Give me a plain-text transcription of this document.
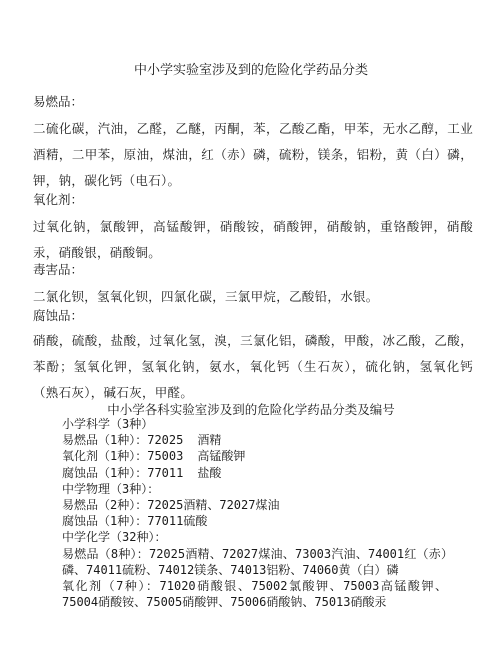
中小学实验室涉及到的危险化学药品分类
易燃品：
二硫化碳，汽油，乙醛，乙醚，丙酮，苯，乙酸乙酯，甲苯，无水乙醇，工业酒精，二甲苯，原油，煤油，红（赤）磷，硫粉，镁条，铝粉，黄（白）磷，钾，钠，碳化钙（电石）。
氧化剂：
过氧化钠，氯酸钾，高锰酸钾，硝酸铵，硝酸钾，硝酸钠，重铬酸钾，硝酸汞，硝酸银，硝酸铜。
毒害品：
二氯化钡，氢氧化钡，四氯化碳，三氯甲烷，乙酸铅，水银。
腐蚀品：
硝酸，硫酸，盐酸，过氧化氢，溴，三氯化铝，磷酸，甲酸，冰乙酸，乙酸，苯酚；氢氧化钾，氢氧化钠，氨水，氧化钙（生石灰），硫化钠，氢氧化钙（熟石灰），碱石灰，甲醛。
中小学各科实验室涉及到的危险化学药品分类及编号
小学科学（3种）
易燃品（1种）：72025 酒精
氧化剂（1种）：75003 高锰酸钾
腐蚀品（1种）：77011 盐酸
中学物理（3种）：
易燃品（2种）：72025酒精、72027煤油
腐蚀品（1种）：77011硫酸
中学化学（32种）：
易燃品（8种）：72025酒精、72027煤油、73003汽油、74001红（赤）磷、74011硫粉、74012镁条、74013铝粉、74060黄（白）磷
氧化剂（7种）：71020硝酸银、75002氯酸钾、75003高锰酸钾、75004硝酸铵、75005硝酸钾、75006硝酸钠、75013硝酸汞
